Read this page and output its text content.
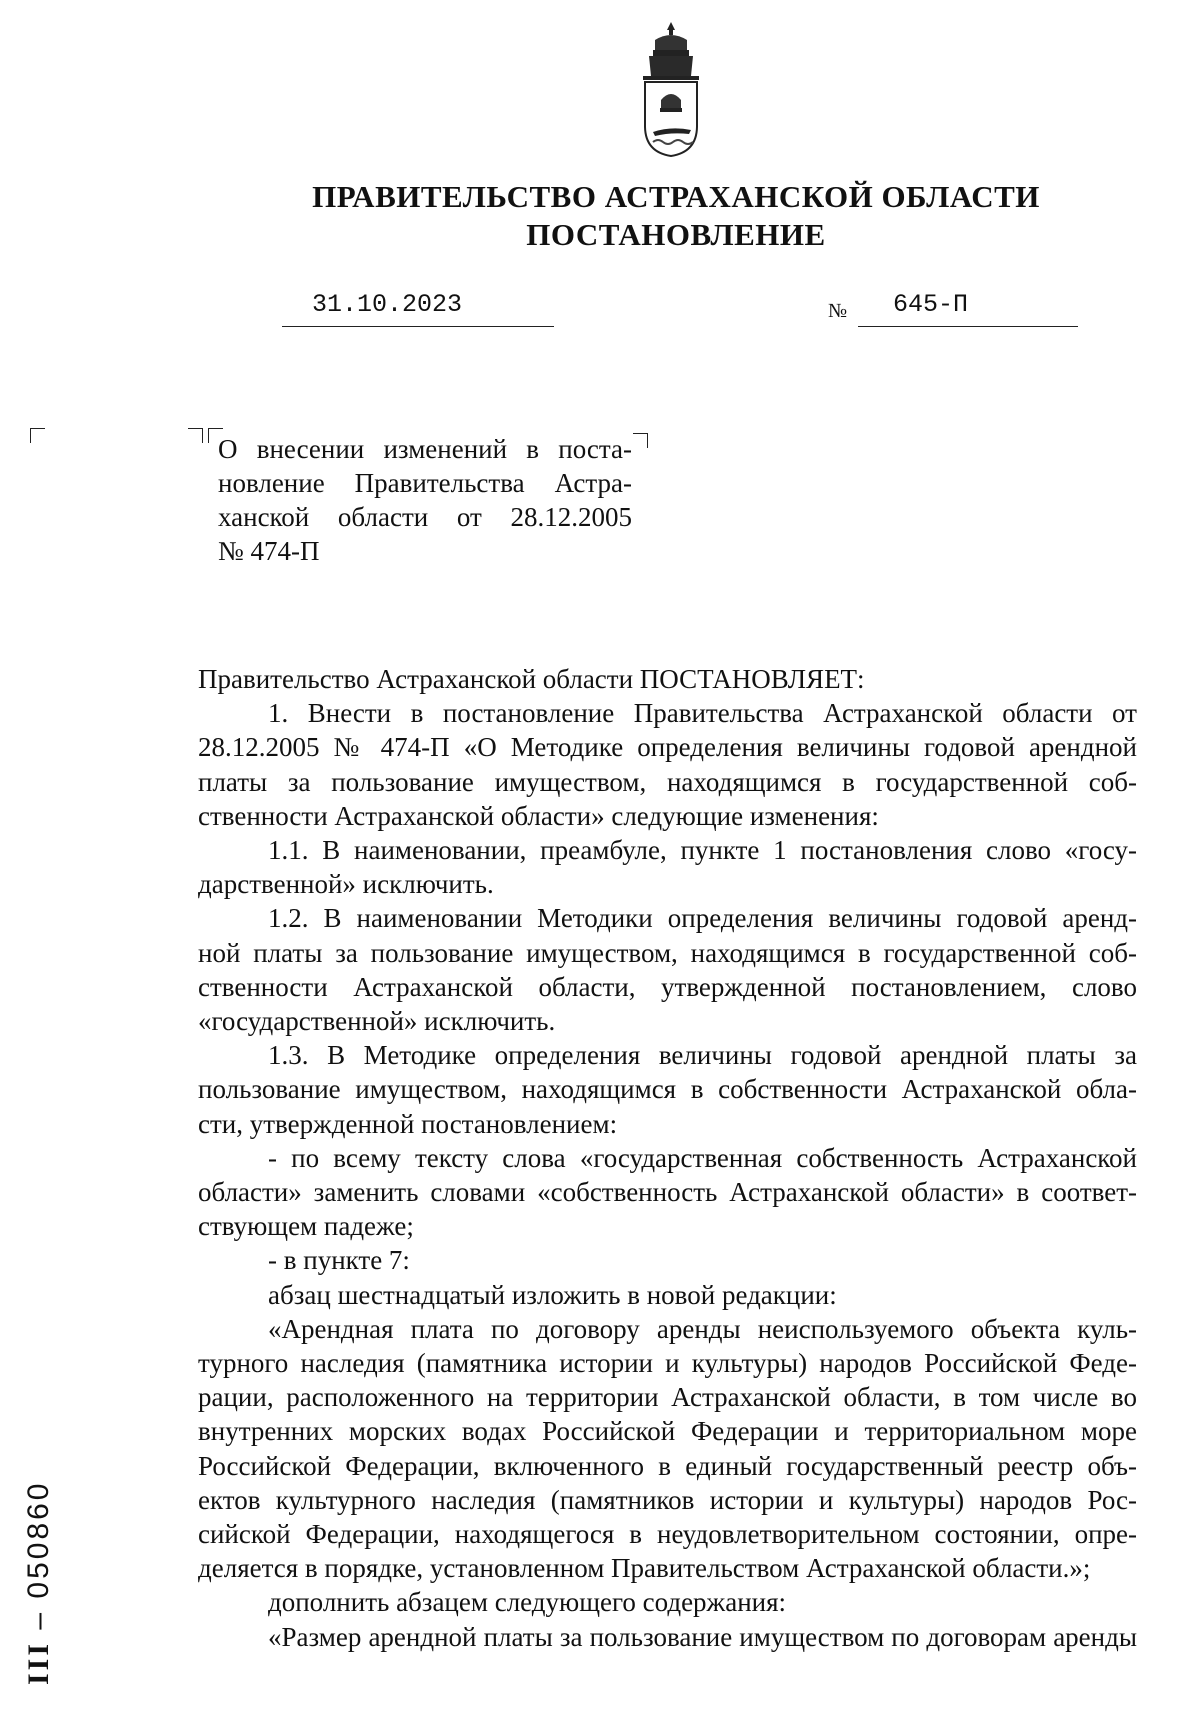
ПРАВИТЕЛЬСТВО АСТРАХАНСКОЙ ОБЛАСТИ
ПОСТАНОВЛЕНИЕ
31.10.2023	№ 645-П
О внесении изменений в поста-
новление Правительства Астра-
ханской области от 28.12.2005
№ 474-П
Правительство Астраханской области ПОСТАНОВЛЯЕТ:
1. Внести в постановление Правительства Астраханской области от
28.12.2005 № 474-П «О Методике определения величины годовой арендной
платы за пользование имуществом, находящимся в государственной соб-
ственности Астраханской области» следующие изменения:
1.1. В наименовании, преамбуле, пункте 1 постановления слово «госу-
дарственной» исключить.
1.2. В наименовании Методики определения величины годовой аренд-
ной платы за пользование имуществом, находящимся в государственной соб-
ственности Астраханской области, утвержденной постановлением, слово
«государственной» исключить.
1.3. В Методике определения величины годовой арендной платы за
пользование имуществом, находящимся в собственности Астраханской обла-
сти, утвержденной постановлением:
- по всему тексту слова «государственная собственность Астраханской
области» заменить словами «собственность Астраханской области» в соответ-
ствующем падеже;
- в пункте 7:
абзац шестнадцатый изложить в новой редакции:
«Арендная плата по договору аренды неиспользуемого объекта куль-
турного наследия (памятника истории и культуры) народов Российской Феде-
рации, расположенного на территории Астраханской области, в том числе во
внутренних морских водах Российской Федерации и территориальном море
Российской Федерации, включенного в единый государственный реестр объ-
ектов культурного наследия (памятников истории и культуры) народов Рос-
сийской Федерации, находящегося в неудовлетворительном состоянии, опре-
деляется в порядке, установленном Правительством Астраханской области.»;
дополнить абзацем следующего содержания:
«Размер арендной платы за пользование имуществом по договорам аренды
III – 050860
